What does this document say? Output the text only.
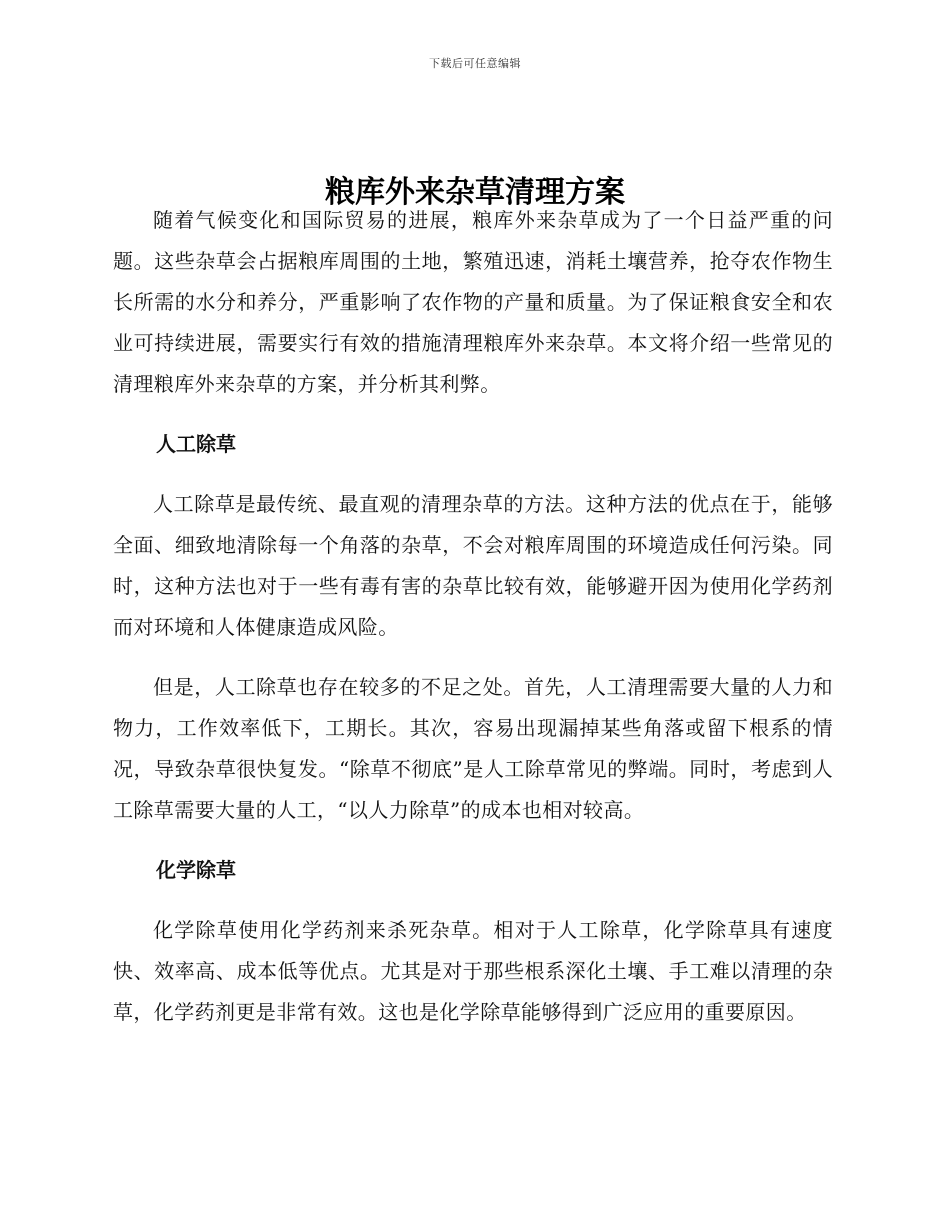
下载后可任意编辑
粮库外来杂草清理方案

随着气候变化和国际贸易的进展，粮库外来杂草成为了一个日益严重的问题。这些杂草会占据粮库周围的土地，繁殖迅速，消耗土壤营养，抢夺农作物生长所需的水分和养分，严重影响了农作物的产量和质量。为了保证粮食安全和农业可持续进展，需要实行有效的措施清理粮库外来杂草。本文将介绍一些常见的清理粮库外来杂草的方案，并分析其利弊。

人工除草

人工除草是最传统、最直观的清理杂草的方法。这种方法的优点在于，能够全面、细致地清除每一个角落的杂草，不会对粮库周围的环境造成任何污染。同时，这种方法也对于一些有毒有害的杂草比较有效，能够避开因为使用化学药剂而对环境和人体健康造成风险。

但是，人工除草也存在较多的不足之处。首先，人工清理需要大量的人力和物力，工作效率低下，工期长。其次，容易出现漏掉某些角落或留下根系的情况，导致杂草很快复发。“除草不彻底”是人工除草常见的弊端。同时，考虑到人工除草需要大量的人工，“以人力除草”的成本也相对较高。

化学除草

化学除草使用化学药剂来杀死杂草。相对于人工除草，化学除草具有速度快、效率高、成本低等优点。尤其是对于那些根系深化土壤、手工难以清理的杂草，化学药剂更是非常有效。这也是化学除草能够得到广泛应用的重要原因。
